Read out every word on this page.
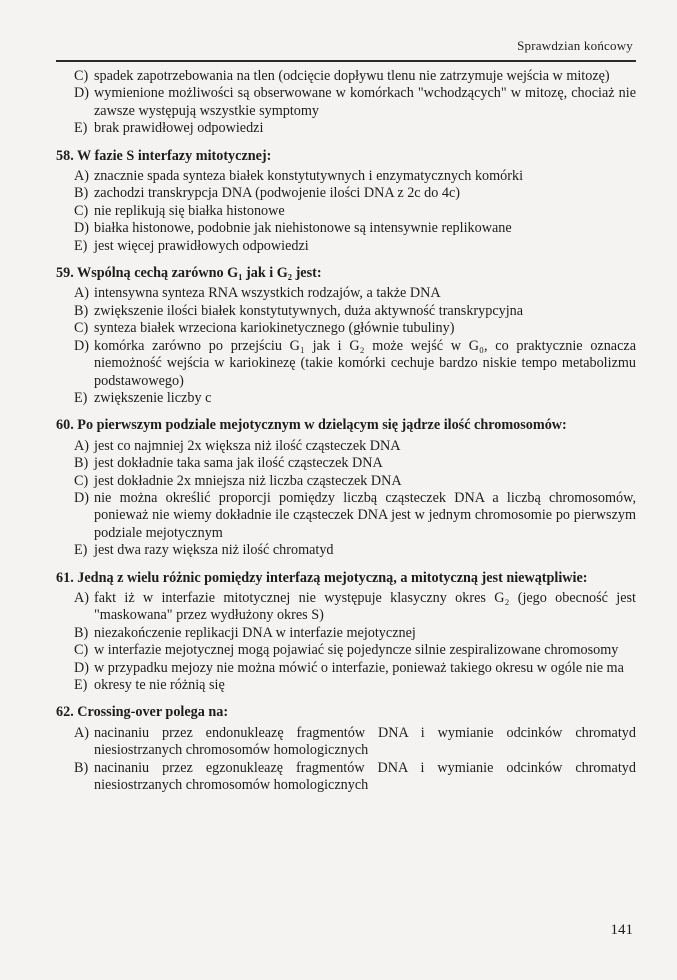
Sprawdzian końcowy

C) spadek zapotrzebowania na tlen (odcięcie dopływu tlenu nie zatrzymuje wejścia w mitozę)

D) wymienione możliwości są obserwowane w komórkach "wchodzących" w mitozę, chociaż nie zawsze występują wszystkie symptomy

E) brak prawidłowej odpowiedzi

58. W fazie S interfazy mitotycznej:

A) znacznie spada synteza białek konstytutywnych i enzymatycznych komórki

B) zachodzi transkrypcja DNA (podwojenie ilości DNA z 2c do 4c)

C) nie replikują się białka histonowe

D) białka histonowe, podobnie jak niehistonowe są intensywnie replikowane

E) jest więcej prawidłowych odpowiedzi

59. Wspólną cechą zarówno G₁ jak i G₂ jest:

A) intensywna synteza RNA wszystkich rodzajów, a także DNA

B) zwiększenie ilości białek konstytutywnych, duża aktywność transkrypcyjna

C) synteza białek wrzeciona kariokinetycznego (głównie tubuliny)

D) komórka zarówno po przejściu G₁ jak i G₂ może wejść w G₀, co praktycznie oznacza niemożność wejścia w kariokinezę (takie komórki cechuje bardzo niskie tempo metabolizmu podstawowego)

E) zwiększenie liczby c

60. Po pierwszym podziale mejotycznym w dzielącym się jądrze ilość chromosomów:

A) jest co najmniej 2x większa niż ilość cząsteczek DNA

B) jest dokładnie taka sama jak ilość cząsteczek DNA

C) jest dokładnie 2x mniejsza niż liczba cząsteczek DNA

D) nie można określić proporcji pomiędzy liczbą cząsteczek DNA a liczbą chromosomów, ponieważ nie wiemy dokładnie ile cząsteczek DNA jest w jednym chromosomie po pierwszym podziale mejotycznym

E) jest dwa razy większa niż ilość chromatyd

61. Jedną z wielu różnic pomiędzy interfazą mejotyczną, a mitotyczną jest niewątpliwie:

A) fakt iż w interfazie mitotycznej nie występuje klasyczny okres G₂ (jego obecność jest "maskowana" przez wydłużony okres S)

B) niezakończenie replikacji DNA w interfazie mejotycznej

C) w interfazie mejotycznej mogą pojawiać się pojedyncze silnie zespiralizowane chromosomy

D) w przypadku mejozy nie można mówić o interfazie, ponieważ takiego okresu w ogóle nie ma

E) okresy te nie różnią się

62. Crossing-over polega na:

A) nacinaniu przez endonukleazę fragmentów DNA i wymianie odcinków chromatyd niesiostrzanych chromosomów homologicznych

B) nacinaniu przez egzonukleazę fragmentów DNA i wymianie odcinków chromatyd niesiostrzanych chromosomów homologicznych

141
